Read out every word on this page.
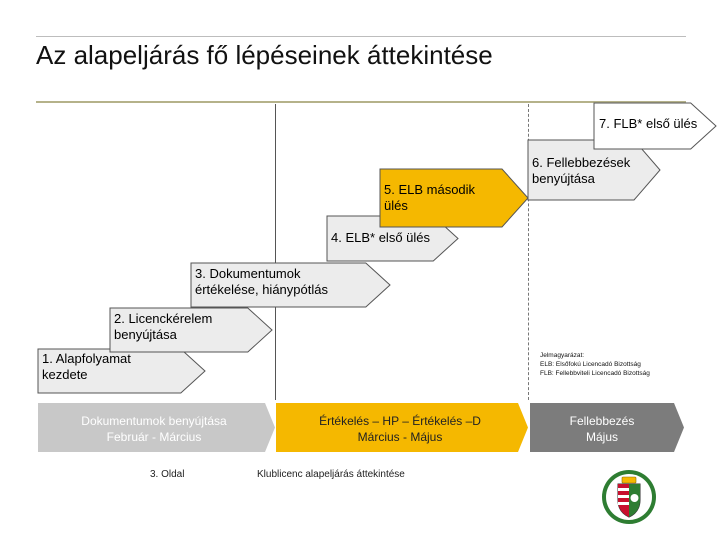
Az alapeljárás fő lépéseinek áttekintése
1. Alapfolyamat
kezdete
2. Licenckérelem
benyújtása
3. Dokumentumok
értékelése, hiánypótlás
4. ELB* első ülés
5. ELB második
ülés
6. Fellebbezések
benyújtása
7. FLB* első ülés
Jelmagyarázat:
ELB: Elsőfokú Licencadó Bizottság
FLB: Fellebbviteli Licencadó Bizottság
Dokumentumok benyújtása
Február - Március
Értékelés – HP – Értékelés –D
Március - Május
Fellebbezés
Május
3. Oldal	Klublicenc alapeljárás áttekintése
